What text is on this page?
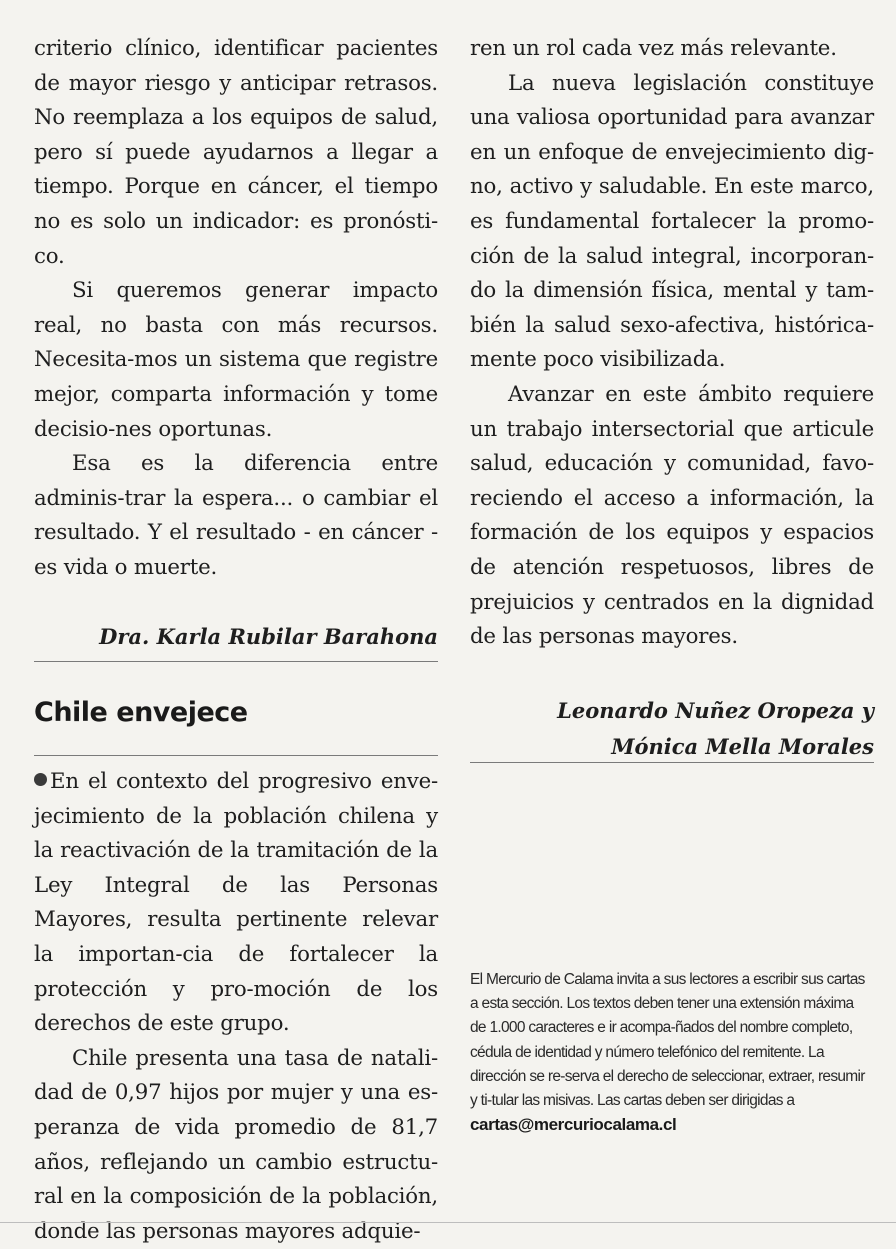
criterio clínico, identificar pacientes de mayor riesgo y anticipar retrasos. No reemplaza a los equipos de salud, pero sí puede ayudarnos a llegar a tiempo. Porque en cáncer, el tiempo no es solo un indicador: es pronósti-co.

Si queremos generar impacto real, no basta con más recursos. Necesita-mos un sistema que registre mejor, comparta información y tome decisio-nes oportunas.

Esa es la diferencia entre adminis-trar la espera... o cambiar el resultado. Y el resultado - en cáncer - es vida o muerte.

Dra. Karla Rubilar Barahona

Chile envejece

En el contexto del progresivo enve-jecimiento de la población chilena y la reactivación de la tramitación de la Ley Integral de las Personas Mayores, resulta pertinente relevar la importan-cia de fortalecer la protección y pro-moción de los derechos de este grupo.

Chile presenta una tasa de natali-dad de 0,97 hijos por mujer y una es-peranza de vida promedio de 81,7 años, reflejando un cambio estructu-ral en la composición de la población, donde las personas mayores adquie-

ren un rol cada vez más relevante.

La nueva legislación constituye una valiosa oportunidad para avanzar en un enfoque de envejecimiento dig-no, activo y saludable. En este marco, es fundamental fortalecer la promo-ción de la salud integral, incorporan-do la dimensión física, mental y tam-bién la salud sexo-afectiva, histórica-mente poco visibilizada.

Avanzar en este ámbito requiere un trabajo intersectorial que articule salud, educación y comunidad, favo-reciendo el acceso a información, la formación de los equipos y espacios de atención respetuosos, libres de prejuicios y centrados en la dignidad de las personas mayores.

Leonardo Nuñez Oropeza y
Mónica Mella Morales

El Mercurio de Calama invita a sus lectores a escribir sus cartas a esta sección. Los textos deben tener una extensión máxima de 1.000 caracteres e ir acompa-ñados del nombre completo, cédula de identidad y número telefónico del remitente. La dirección se re-serva el derecho de seleccionar, extraer, resumir y ti-tular las misivas. Las cartas deben ser dirigidas a
cartas@mercuriocalama.cl
